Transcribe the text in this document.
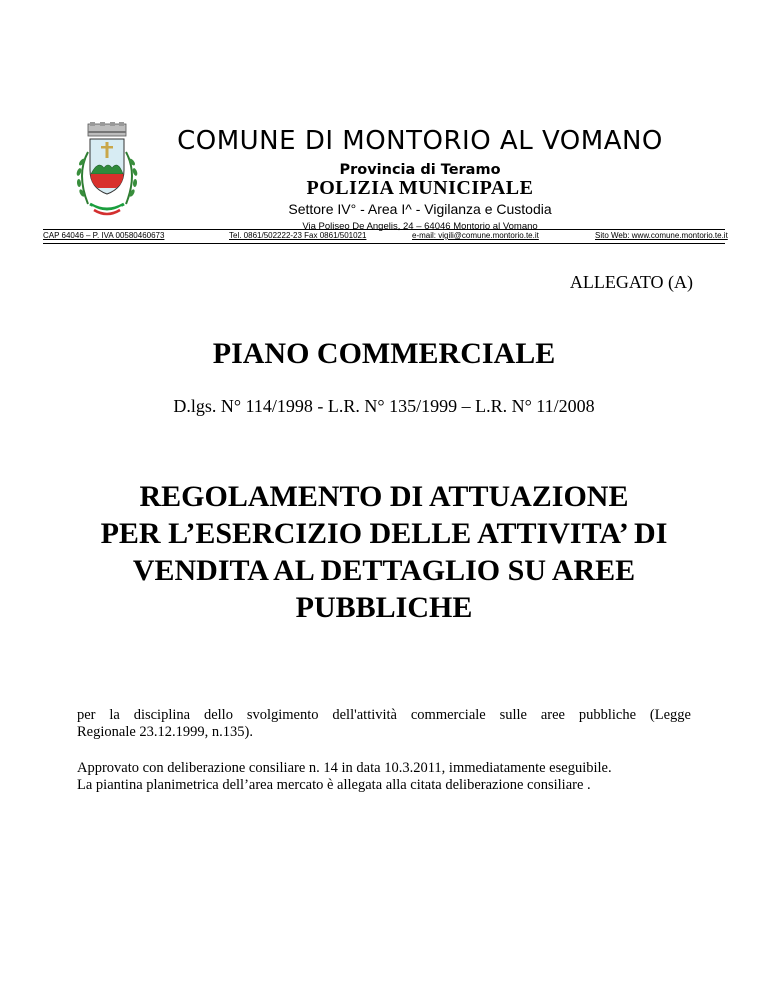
COMUNE DI MONTORIO AL VOMANO
Provincia di Teramo
POLIZIA MUNICIPALE
Settore IV° - Area I^ - Vigilanza e Custodia
Via Poliseo De Angelis, 24 – 64046 Montorio al Vomano
CAP 64046 – P. IVA 00580460673	Tel. 0861/502222-23 Fax 0861/501021	e-mail: vigili@comune.montorio.te.it	Sito Web: www.comune.montorio.te.it
ALLEGATO (A)
PIANO COMMERCIALE
D.lgs. N° 114/1998 - L.R. N° 135/1999 – L.R. N° 11/2008
REGOLAMENTO DI ATTUAZIONE
PER L’ESERCIZIO DELLE ATTIVITA’ DI
VENDITA AL DETTAGLIO SU AREE
PUBBLICHE
per la disciplina dello svolgimento dell'attività commerciale sulle aree pubbliche (Legge
Regionale 23.12.1999, n.135).
Approvato con deliberazione consiliare n. 14 in data 10.3.2011, immediatamente eseguibile.
La piantina planimetrica dell’area mercato è allegata alla citata deliberazione consiliare .
